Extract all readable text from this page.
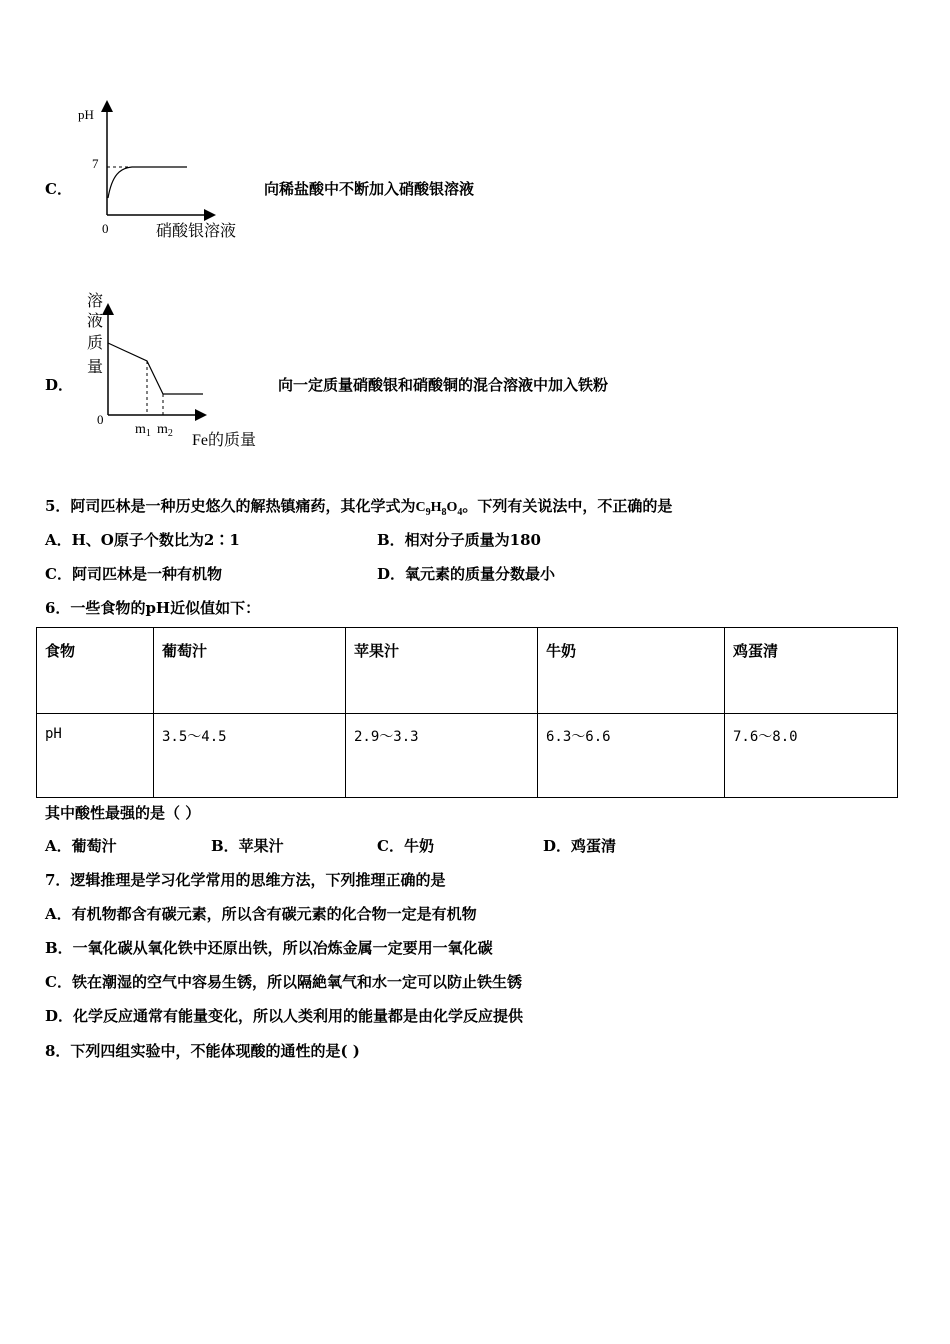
C．
pH
7
0	硝酸银溶液
向稀盐酸中不断加入硝酸银溶液
D．
溶
液
质
量
0
$m_1$ $m_2$ Fe的质量
向一定质量硝酸银和硝酸铜的混合溶液中加入铁粉
5．阿司匹林是一种历史悠久的解热镇痛药，其化学式为$C_9H_8O_4$。下列有关说法中，不正确的是
A．H、O原子个数比为2∶1	B．相对分子质量为180
C．阿司匹林是一种有机物	D．氧元素的质量分数最小
6．一些食物的pH近似值如下：
食物	葡萄汁	苹果汁	牛奶	鸡蛋清
pH	3.5～4.5	2.9～3.3	6.3～6.6	7.6～8.0
其中酸性最强的是（ ）
A．葡萄汁	B．苹果汁	C．牛奶	D．鸡蛋清
7．逻辑推理是学习化学常用的思维方法，下列推理正确的是
A．有机物都含有碳元素，所以含有碳元素的化合物一定是有机物
B．一氧化碳从氧化铁中还原出铁，所以冶炼金属一定要用一氧化碳
C．铁在潮湿的空气中容易生锈，所以隔絶氧气和水一定可以防止铁生锈
D．化学反应通常有能量变化，所以人类利用的能量都是由化学反应提供
8．下列四组实验中，不能体现酸的通性的是( )
